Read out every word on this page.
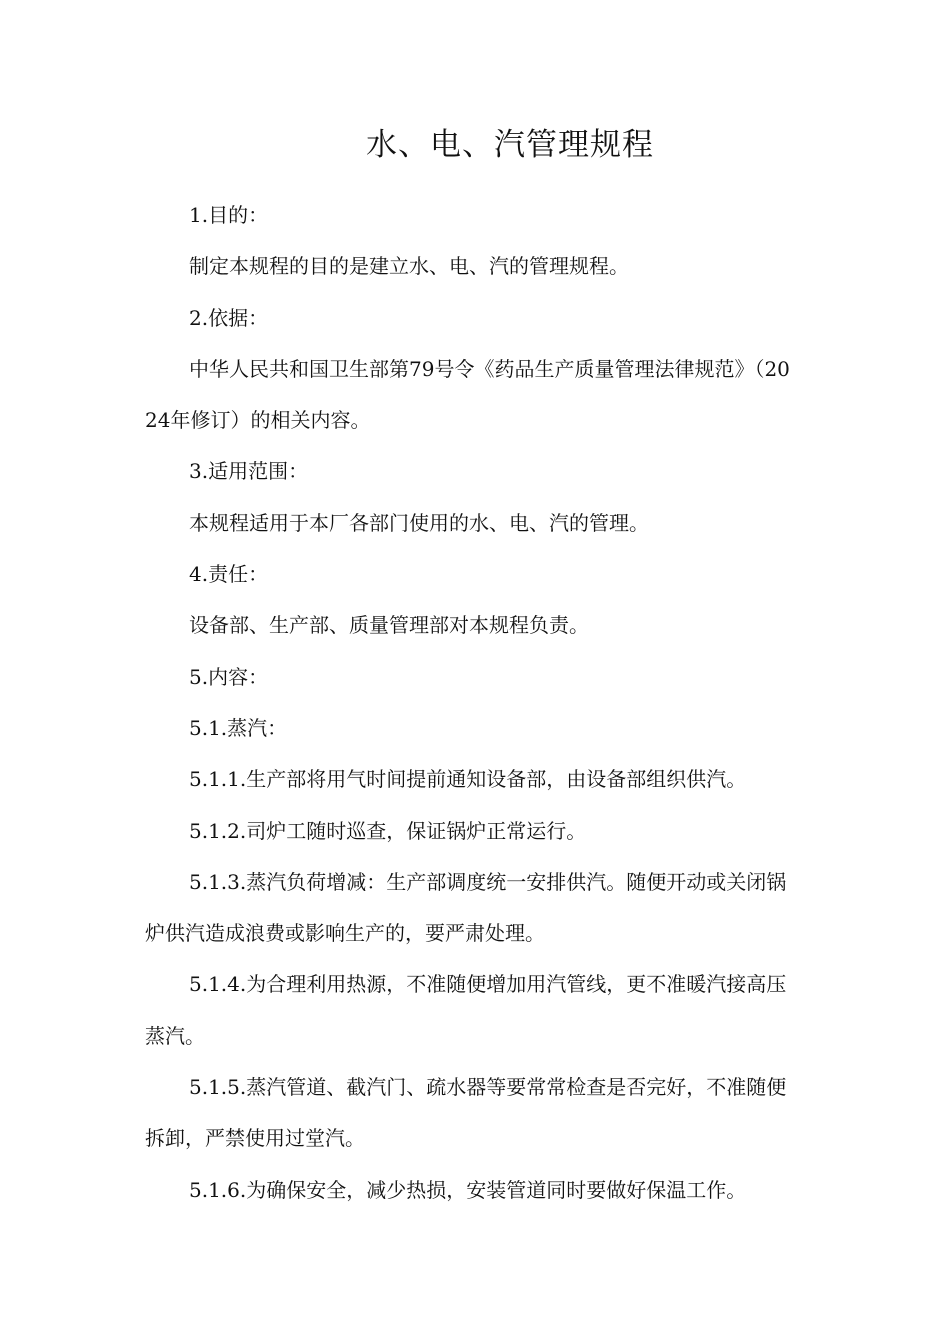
水、电、汽管理规程

1.目的：

制定本规程的目的是建立水、电、汽的管理规程。

2.依据：

中华人民共和国卫生部第79号令《药品生产质量管理法律规范》（2024年修订）的相关内容。

3.适用范围：

本规程适用于本厂各部门使用的水、电、汽的管理。

4.责任：

设备部、生产部、质量管理部对本规程负责。

5.内容：

5.1.蒸汽：

5.1.1.生产部将用气时间提前通知设备部，由设备部组织供汽。

5.1.2.司炉工随时巡查，保证锅炉正常运行。

5.1.3.蒸汽负荷增减：生产部调度统一安排供汽。随便开动或关闭锅炉供汽造成浪费或影响生产的，要严肃处理。

5.1.4.为合理利用热源，不准随便增加用汽管线，更不准暖汽接高压蒸汽。

5.1.5.蒸汽管道、截汽门、疏水器等要常常检查是否完好，不准随便拆卸，严禁使用过堂汽。

5.1.6.为确保安全，减少热损，安装管道同时要做好保温工作。
